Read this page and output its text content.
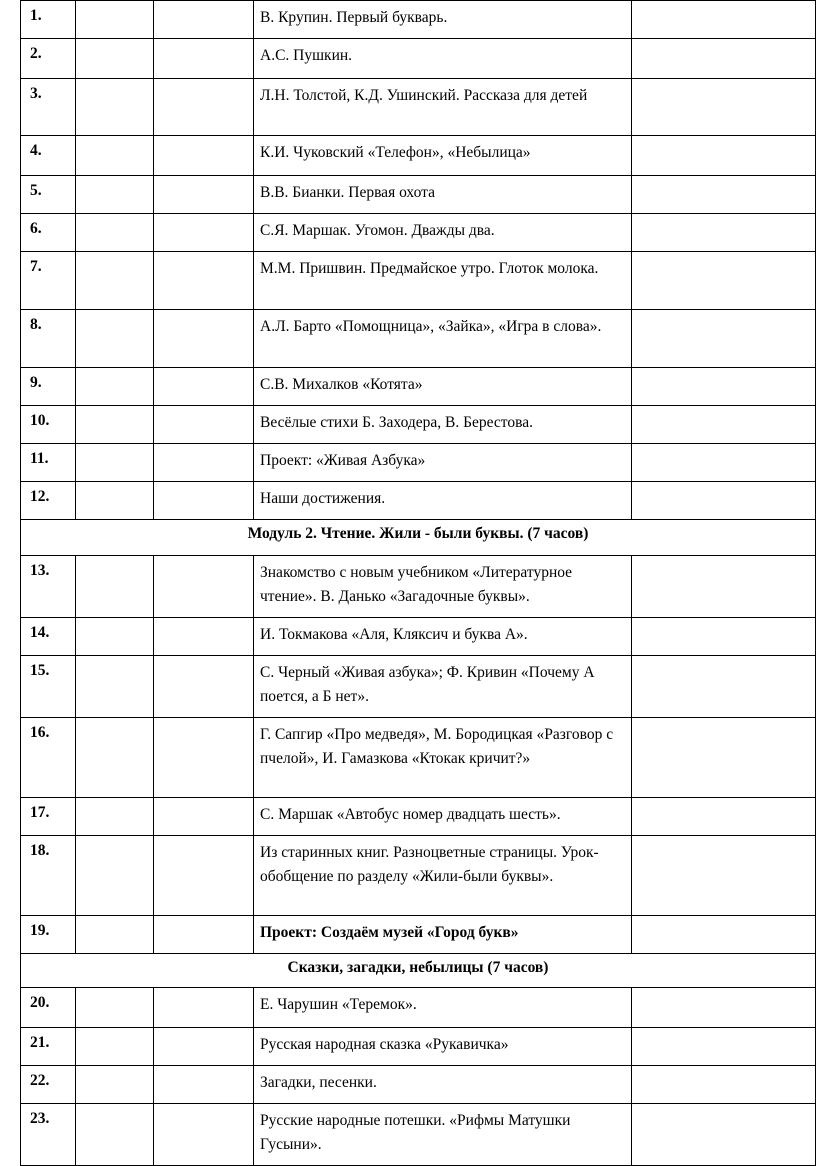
1.			В. Крупин. Первый букварь.	
2.			А.С. Пушкин.	
3.			Л.Н. Толстой, К.Д. Ушинский. Рассказа для детей	
4.			К.И. Чуковский «Телефон», «Небылица»	
5.			В.В. Бианки. Первая охота	
6.			С.Я. Маршак. Угомон. Дважды два.	
7.			М.М. Пришвин. Предмайское утро. Глоток молока.	
8.			А.Л. Барто «Помощница», «Зайка», «Игра в слова».	
9.			С.В. Михалков «Котята»	
10.			Весёлые стихи Б. Заходера, В. Берестова.	
11.			Проект: «Живая Азбука»	
12.			Наши достижения.	
Модуль 2. Чтение. Жили - были буквы. (7 часов)				
13.			Знакомство с новым учебником «Литературное чтение». В. Данько «Загадочные буквы».	
14.			И. Токмакова «Аля, Кляксич и буква А».	
15.			С. Черный «Живая азбука»; Ф. Кривин «Почему А поется, а Б нет».	
16.			Г. Сапгир «Про медведя», М. Бородицкая «Разговор с пчелой», И. Гамазкова «Ктокак кричит?»	
17.			С. Маршак «Автобус номер двадцать шесть».	
18.			Из старинных книг. Разноцветные страницы. Урок-обобщение по разделу «Жили-были буквы».	
19.			Проект: Создаём музей «Город букв»	
Сказки, загадки, небылицы (7 часов)				
20.			Е. Чарушин «Теремок».	
21.			Русская народная сказка «Рукавичка»	
22.			Загадки, песенки.	
23.			Русские народные потешки. «Рифмы Матушки Гусыни».	
